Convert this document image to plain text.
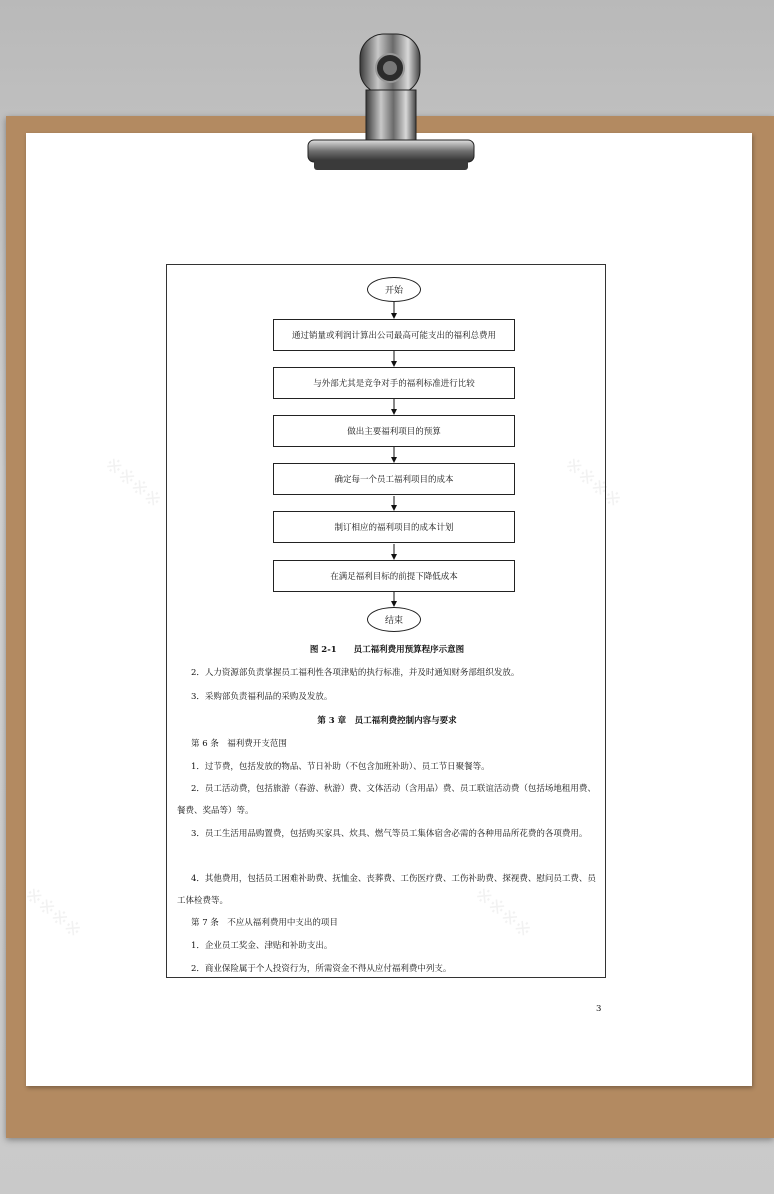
※※※※	※※※※
※※※※	※※※※
开始
通过销量或利润计算出公司最高可能支出的福利总费用
与外部尤其是竞争对手的福利标准进行比较
做出主要福利项目的预算
确定每一个员工福利项目的成本
制订相应的福利项目的成本计划
在满足福利目标的前提下降低成本
结束
图 2-1　　员工福利费用预算程序示意图
2．人力资源部负责掌握员工福利性各项津贴的执行标准，并及时通知财务部组织发放。
3．采购部负责福利品的采购及发放。
第 3 章　员工福利费控制内容与要求
第 6 条　福利费开支范围
1．过节费，包括发放的物品、节日补助（不包含加班补助）、员工节日聚餐等。
2．员工活动费，包括旅游（春游、秋游）费、文体活动（含用品）费、员工联谊活动费（包括场地租用费、餐费、奖品等）等。
3．员工生活用品购置费，包括购买家具、炊具、燃气等员工集体宿舍必需的各种用品所花费的各项费用。
4．其他费用，包括员工困难补助费、抚恤金、丧葬费、工伤医疗费、工伤补助费、探视费、慰问员工费、员工体检费等。
第 7 条　不应从福利费用中支出的项目
1．企业员工奖金、津贴和补助支出。
2．商业保险属于个人投资行为，所需资金不得从应付福利费中列支。
3
